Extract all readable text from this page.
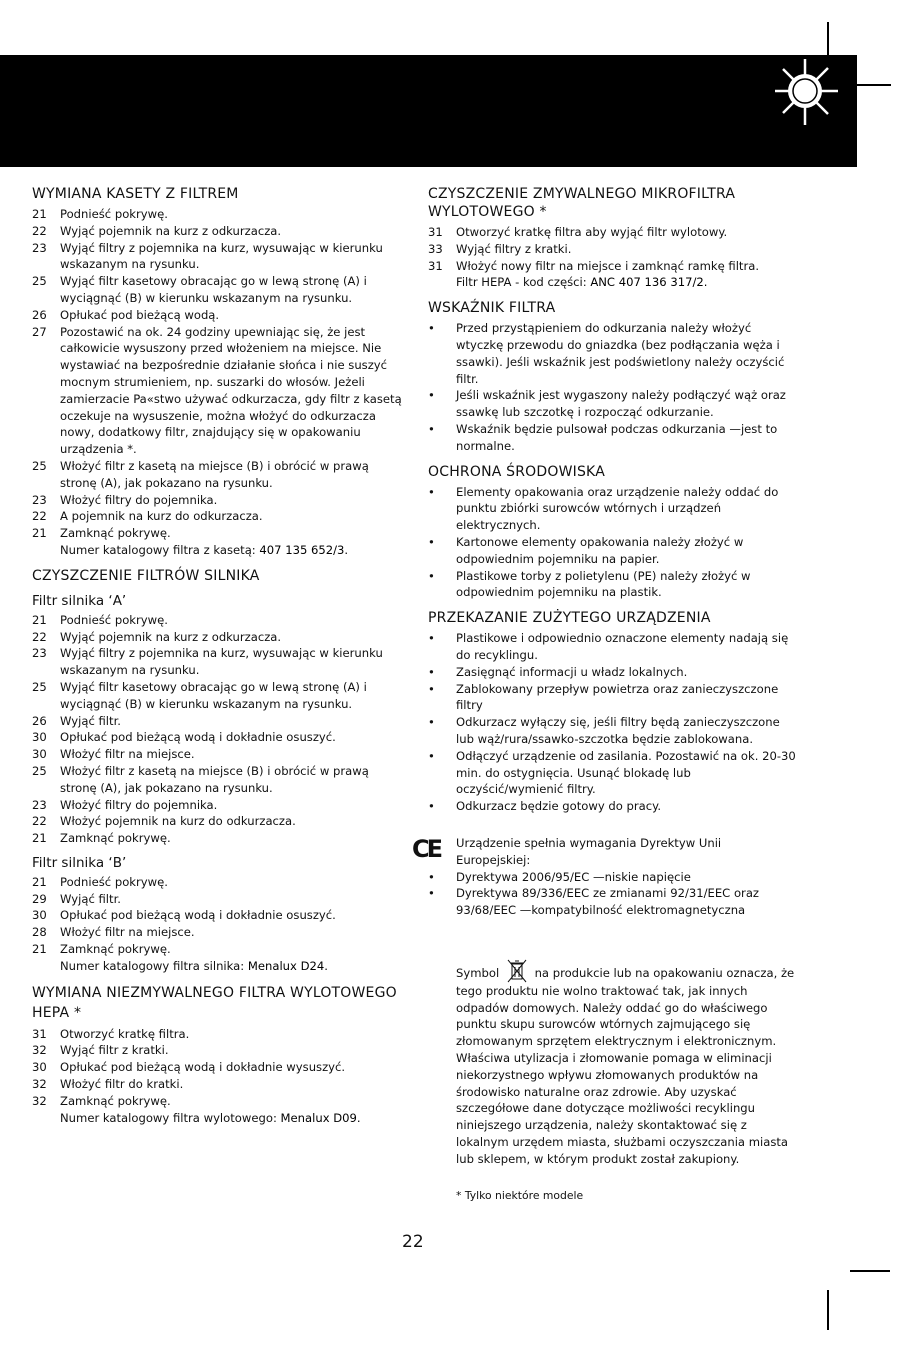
WYMIANA KASETY Z FILTREM
21	Podnieść pokrywę.
22	Wyjąć pojemnik na kurz z odkurzacza.
23	Wyjąć filtry z pojemnika na kurz, wysuwając w kierunku wskazanym na rysunku.
25	Wyjąć filtr kasetowy obracając go w lewą stronę (A) i wyciągnąć (B) w kierunku wskazanym na rysunku.
26	Opłukać pod bieżącą wodą.
27	Pozostawić na ok. 24 godziny upewniając się, że jest całkowicie wysuszony przed włożeniem na miejsce. Nie wystawiać na bezpośrednie działanie słońca i nie suszyć mocnym strumieniem, np. suszarki do włosów. Jeżeli zamierzacie Pa«stwo używać odkurzacza, gdy filtr z kasetą oczekuje na wysuszenie, można włożyć do odkurzacza nowy, dodatkowy filtr, znajdujący się w opakowaniu urządzenia *.
25	Włożyć filtr z kasetą na miejsce (B) i obrócić w prawą stronę (A), jak pokazano na rysunku.
23	Włożyć filtry do pojemnika.
22	A pojemnik na kurz do odkurzacza.
21	Zamknąć pokrywę.
Numer katalogowy filtra z kasetą: 407 135 652/3.
CZYSZCZENIE FILTRÓW SILNIKA
Filtr silnika ‘A’
21	Podnieść pokrywę.
22	Wyjąć pojemnik na kurz z odkurzacza.
23	Wyjąć filtry z pojemnika na kurz, wysuwając w kierunku wskazanym na rysunku.
25	Wyjąć filtr kasetowy obracając go w lewą stronę (A) i wyciągnąć (B) w kierunku wskazanym na rysunku.
26	Wyjąć filtr.
30	Opłukać pod bieżącą wodą i dokładnie osuszyć.
30	Włożyć filtr na miejsce.
25	Włożyć filtr z kasetą na miejsce (B) i obrócić w prawą stronę (A), jak pokazano na rysunku.
23	Włożyć filtry do pojemnika.
22	Włożyć pojemnik na kurz do odkurzacza.
21	Zamknąć pokrywę.
Filtr silnika ‘B’
21	Podnieść pokrywę.
29	Wyjąć filtr.
30	Opłukać pod bieżącą wodą i dokładnie osuszyć.
28	Włożyć filtr na miejsce.
21	Zamknąć pokrywę.
Numer katalogowy filtra silnika: Menalux D24.
WYMIANA NIEZMYWALNEGO FILTRA WYLOTOWEGO HEPA *
31	Otworzyć kratkę filtra.
32	Wyjąć filtr z kratki.
30	Opłukać pod bieżącą wodą i dokładnie wysuszyć.
32	Włożyć filtr do kratki.
32	Zamknąć pokrywę.
Numer katalogowy filtra wylotowego: Menalux D09.
CZYSZCZENIE ZMYWALNEGO MIKROFILTRA WYLOTOWEGO *
31	Otworzyć kratkę filtra aby wyjąć filtr wylotowy.
33	Wyjąć filtry z kratki.
31	Włożyć nowy filtr na miejsce i zamknąć ramkę filtra.
Filtr HEPA - kod części: ANC 407 136 317/2.
WSKAŹNIK FILTRA
•	Przed przystąpieniem do odkurzania należy włożyć wtyczkę przewodu do gniazdka (bez podłączania węża i ssawki). Jeśli wskaźnik jest podświetlony należy oczyścić filtr.
•	Jeśli wskaźnik jest wygaszony należy podłączyć wąż oraz ssawkę lub szczotkę i rozpocząć odkurzanie.
•	Wskaźnik będzie pulsował podczas odkurzania —jest to normalne.
OCHRONA ŚRODOWISKA
•	Elementy opakowania oraz urządzenie należy oddać do punktu zbiórki surowców wtórnych i urządzeń elektrycznych.
•	Kartonowe elementy opakowania należy złożyć w odpowiednim pojemniku na papier.
•	Plastikowe torby z polietylenu (PE) należy złożyć w odpowiednim pojemniku na plastik.
PRZEKAZANIE ZUŻYTEGO URZĄDZENIA
•	Plastikowe i odpowiednio oznaczone elementy nadają się do recyklingu.
•	Zasięgnąć informacji u władz lokalnych.
•	Zablokowany przepływ powietrza oraz zanieczyszczone filtry
•	Odkurzacz wyłączy się, jeśli filtry będą zanieczyszczone lub wąż/rura/ssawko-szczotka będzie zablokowana.
•	Odłączyć urządzenie od zasilania. Pozostawić na ok. 20-30 min. do ostygnięcia. Usunąć blokadę lub oczyścić/wymienić filtry.
•	Odkurzacz będzie gotowy do pracy.
CE	Urządzenie spełnia wymagania Dyrektyw Unii Europejskiej:
•	Dyrektywa 2006/95/EC —niskie napięcie
•	Dyrektywa 89/336/EEC ze zmianami 92/31/EEC oraz 93/68/EEC —kompatybilność elektromagnetyczna
Symbol	na produkcie lub na opakowaniu oznacza, że tego produktu nie wolno traktować tak, jak innych odpadów domowych. Należy oddać go do właściwego punktu skupu surowców wtórnych zajmującego się złomowanym sprzętem elektrycznym i elektronicznym. Właściwa utylizacja i złomowanie pomaga w eliminacji niekorzystnego wpływu złomowanych produktów na środowisko naturalne oraz zdrowie. Aby uzyskać szczegółowe dane dotyczące możliwości recyklingu niniejszego urządzenia, należy skontaktować się z lokalnym urzędem miasta, służbami oczyszczania miasta lub sklepem, w którym produkt został zakupiony.
* Tylko niektóre modele
22
